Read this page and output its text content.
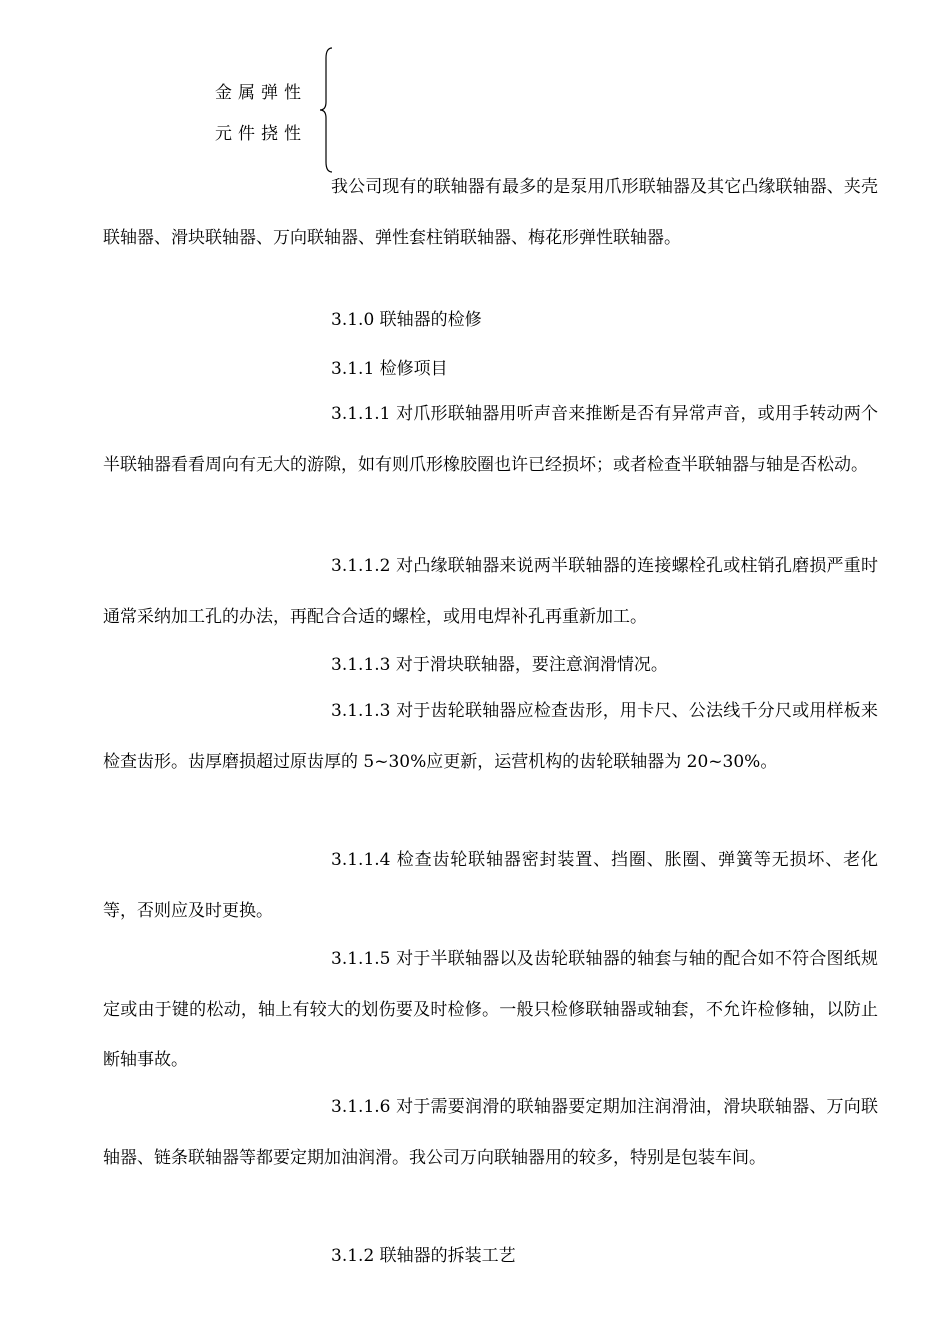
金属弹性
元件挠性
我公司现有的联轴器有最多的是泵用爪形联轴器及其它凸缘联轴器、夹壳联轴器、滑块联轴器、万向联轴器、弹性套柱销联轴器、梅花形弹性联轴器。
3.1.0 联轴器的检修
3.1.1 检修项目
3.1.1.1 对爪形联轴器用听声音来推断是否有异常声音，或用手转动两个半联轴器看看周向有无大的游隙，如有则爪形橡胶圈也许已经损坏；或者检查半联轴器与轴是否松动。
3.1.1.2 对凸缘联轴器来说两半联轴器的连接螺栓孔或柱销孔磨损严重时通常采纳加工孔的办法，再配合合适的螺栓，或用电焊补孔再重新加工。
3.1.1.3 对于滑块联轴器，要注意润滑情况。
3.1.1.3 对于齿轮联轴器应检查齿形，用卡尺、公法线千分尺或用样板来检查齿形。齿厚磨损超过原齿厚的 5~30%应更新，运营机构的齿轮联轴器为 20~30%。
3.1.1.4 检查齿轮联轴器密封装置、挡圈、胀圈、弹簧等无损坏、老化等，否则应及时更换。
3.1.1.5 对于半联轴器以及齿轮联轴器的轴套与轴的配合如不符合图纸规定或由于键的松动，轴上有较大的划伤要及时检修。一般只检修联轴器或轴套，不允许检修轴，以防止断轴事故。
3.1.1.6 对于需要润滑的联轴器要定期加注润滑油，滑块联轴器、万向联轴器、链条联轴器等都要定期加油润滑。我公司万向联轴器用的较多，特别是包装车间。
3.1.2 联轴器的拆装工艺
